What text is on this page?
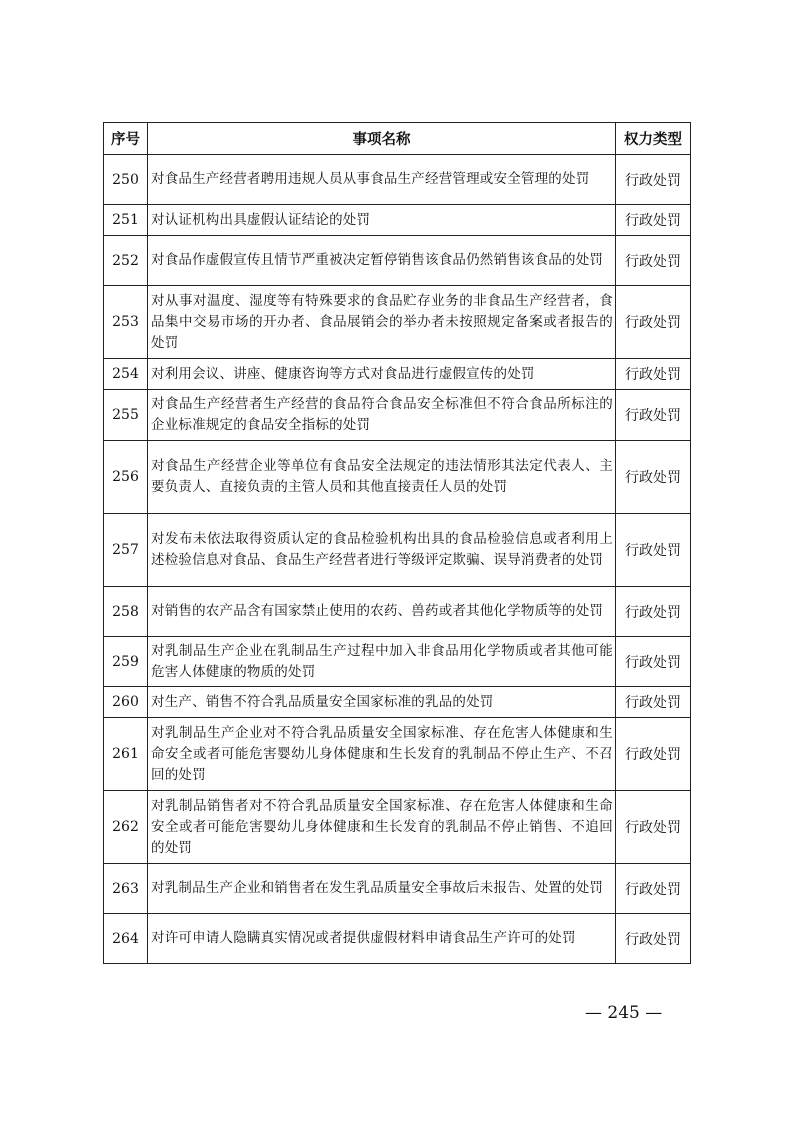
序号	事项名称	权力类型
250	对食品生产经营者聘用违规人员从事食品生产经营管理或安全管理的处罚	行政处罚
251	对认证机构出具虚假认证结论的处罚	行政处罚
252	对食品作虚假宣传且情节严重被决定暂停销售该食品仍然销售该食品的处罚	行政处罚
253	对从事对温度、湿度等有特殊要求的食品贮存业务的非食品生产经营者，食品集中交易市场的开办者、食品展销会的举办者未按照规定备案或者报告的处罚	行政处罚
254	对利用会议、讲座、健康咨询等方式对食品进行虚假宣传的处罚	行政处罚
255	对食品生产经营者生产经营的食品符合食品安全标准但不符合食品所标注的企业标准规定的食品安全指标的处罚	行政处罚
256	对食品生产经营企业等单位有食品安全法规定的违法情形其法定代表人、主要负责人、直接负责的主管人员和其他直接责任人员的处罚	行政处罚
257	对发布未依法取得资质认定的食品检验机构出具的食品检验信息或者利用上述检验信息对食品、食品生产经营者进行等级评定欺骗、误导消费者的处罚	行政处罚
258	对销售的农产品含有国家禁止使用的农药、兽药或者其他化学物质等的处罚	行政处罚
259	对乳制品生产企业在乳制品生产过程中加入非食品用化学物质或者其他可能危害人体健康的物质的处罚	行政处罚
260	对生产、销售不符合乳品质量安全国家标准的乳品的处罚	行政处罚
261	对乳制品生产企业对不符合乳品质量安全国家标准、存在危害人体健康和生命安全或者可能危害婴幼儿身体健康和生长发育的乳制品不停止生产、不召回的处罚	行政处罚
262	对乳制品销售者对不符合乳品质量安全国家标准、存在危害人体健康和生命安全或者可能危害婴幼儿身体健康和生长发育的乳制品不停止销售、不追回的处罚	行政处罚
263	对乳制品生产企业和销售者在发生乳品质量安全事故后未报告、处置的处罚	行政处罚
264	对许可申请人隐瞒真实情况或者提供虚假材料申请食品生产许可的处罚	行政处罚
— 245 —
